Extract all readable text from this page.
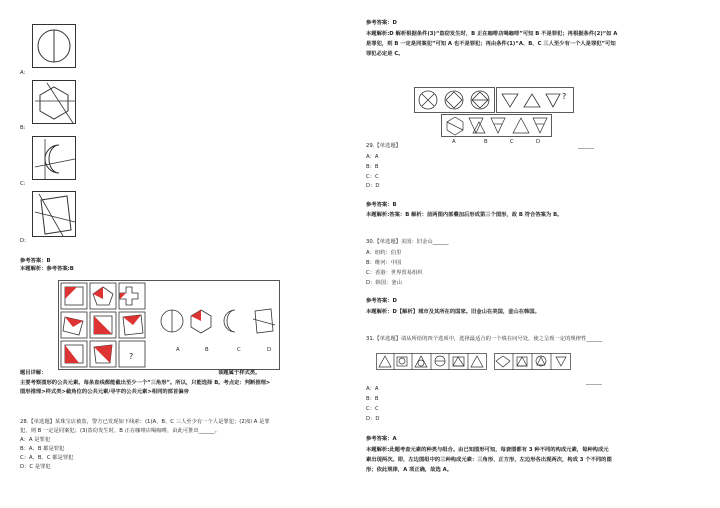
A:
B:
C:
D:
参考答案：B
本题解析：参考答案:B
?
A	B	C	D
题目详解：	该题属于样式类。
主要考察图形的公共元素。每条直线都能截出至少一个“三角形”。所以，只能选择 B。考点定：判断推理>
图形推理>样式类>截角位的公共元素/寻字的公共元素>相同的部首偏旁
28.【单选题】某珠宝店被盗，警方已发现如下线索：(1)A、B、C 三人至少有一个人是罪犯；(2)如 A 是罪
犯，则 B 一定是同案犯；(3)盗窃发生时，B 正在咖啡店喝咖啡，由此可推出______。
A：A 是罪犯
B：A、B 都是罪犯
C：A、B、C 都是罪犯
D：C 是罪犯
参考答案：D
本题解析:D 解析根据条件(3)“盗窃发生时，B 正在咖啡店喝咖啡”可知 B 不是罪犯；再根据条件(2)“如 A
是罪犯，则 B 一定是同案犯”可知 A 也不是罪犯；再由条件(1)“A、B、C 三人至少有一个人是罪犯”可知
罪犯必定是 C。
?
A	B	C	D
29.【单选题】	______
A：A
B：B
C：C
D：D
参考答案：B
本题解析:答案：B 解析：前两图内部叠加后形成第三个图形，故 B 符合答案为 B。
30.【单选题】美国：旧金山______
A：纽约：伯里
B：维河：中国
C：香港：世界贸易组织
D：韩国：釜山
参考答案：D
本题解析：D【解析】城市及其所在的国家。旧金山在美国，釜山在韩国。
31.【单选题】请从所给的四个选项中，选择最适合的一个填在问号处，使之呈现一定的规律性______
______
A：A
B：B
C：C
D：D
参考答案：A
本题解析:此题考查元素的种类与组合。由已知图形可知，每套图都有 3 种不同的构成元素，每种构成元
素出现两次。即，左边图组中的三种构成元素：三角形、正方形，左边形各出现两次，构成 3 个不同的图
形；依此规律，A 项正确，故选 A。
